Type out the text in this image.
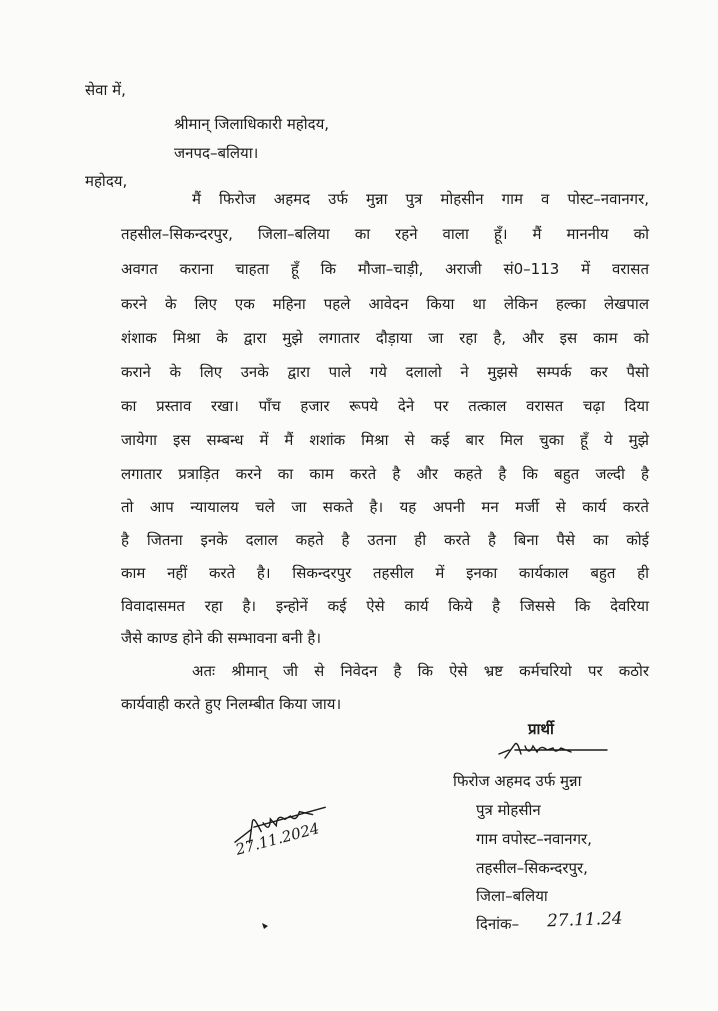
सेवा में,
श्रीमान् जिलाधिकारी महोदय,
जनपद–बलिया।
महोदय,
मैं फिरोज अहमद उर्फ मुन्ना पुत्र मोहसीन गाम व पोस्ट–नवानगर,
तहसील–सिकन्दरपुर, जिला–बलिया का रहने वाला हूँ। मैं माननीय को
अवगत कराना चाहता हूँ कि मौजा–चाड़ी, अराजी सं0–113 में वरासत
करने के लिए एक महिना पहले आवेदन किया था लेकिन हल्का लेखपाल
शंशाक मिश्रा के द्वारा मुझे लगातार दौड़ाया जा रहा है, और इस काम को
कराने के लिए उनके द्वारा पाले गये दलालो ने मुझसे सम्पर्क कर पैसो
का प्रस्ताव रखा। पाँच हजार रूपये देने पर तत्काल वरासत चढ़ा दिया
जायेगा इस सम्बन्ध में मैं शशांक मिश्रा से कई बार मिल चुका हूँ ये मुझे
लगातार प्रत्राड़ित करने का काम करते है और कहते है कि बहुत जल्दी है
तो आप न्यायालय चले जा सकते है। यह अपनी मन मर्जी से कार्य करते
है जितना इनके दलाल कहते है उतना ही करते है बिना पैसे का कोई
काम नहीं करते है। सिकन्दरपुर तहसील में इनका कार्यकाल बहुत ही
विवादासमत रहा है। इन्होनें कई ऐसे कार्य किये है जिससे कि देवरिया
जैसे काण्ड होने की सम्भावना बनी है।
अतः श्रीमान् जी से निवेदन है कि ऐसे भ्रष्ट कर्मचरियो पर कठोर
कार्यवाही करते हुए निलम्बीत किया जाय।
प्रार्थी
फिरोज अहमद उर्फ मुन्ना
पुत्र मोहसीन
गाम वपोस्ट–नवानगर,
तहसील–सिकन्दरपुर,
जिला–बलिया
दिनांक– 27.11.24
27.11.2024
